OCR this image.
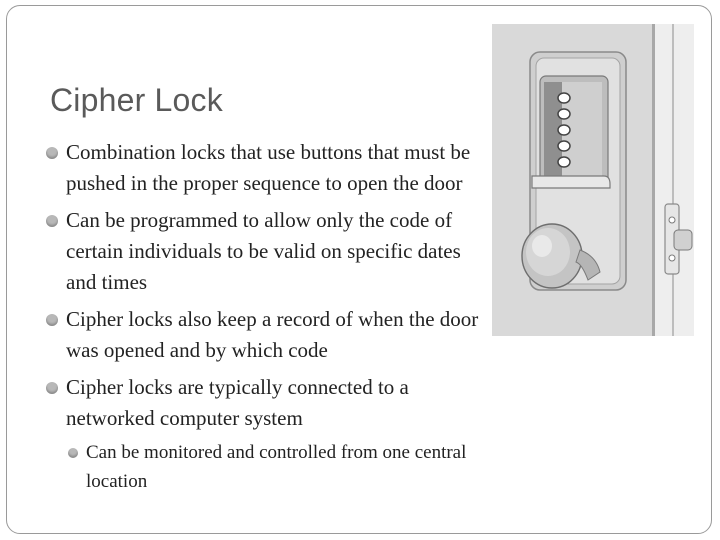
Cipher Lock
Combination locks that use buttons that must be pushed in the proper sequence to open the door
Can be programmed to allow only the code of certain individuals to be valid on specific dates and times
Cipher locks also keep a record of when the door was opened and by which code
Cipher locks are typically connected to a networked computer system
Can be monitored and controlled from one central location
